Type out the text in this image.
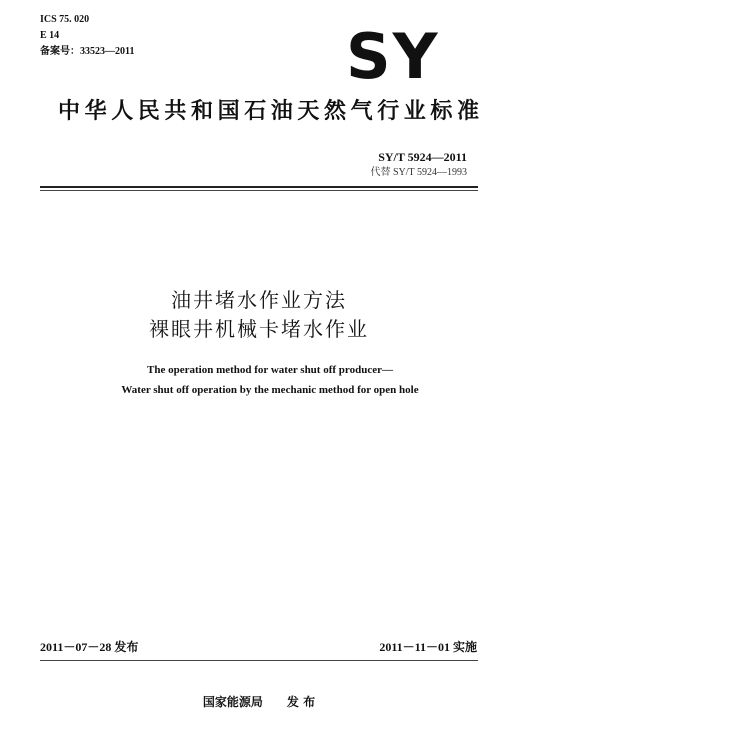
ICS 75. 020
E 14
备案号：33523—2011	SY
中华人民共和国石油天然气行业标准
SY/T 5924—2011
代替 SY/T 5924—1993
油井堵水作业方法
裸眼井机械卡堵水作业
The operation method for water shut off producer—
Water shut off operation by the mechanic method for open hole
2011－07－28 发布	2011－11－01 实施
国家能源局　　发 布
